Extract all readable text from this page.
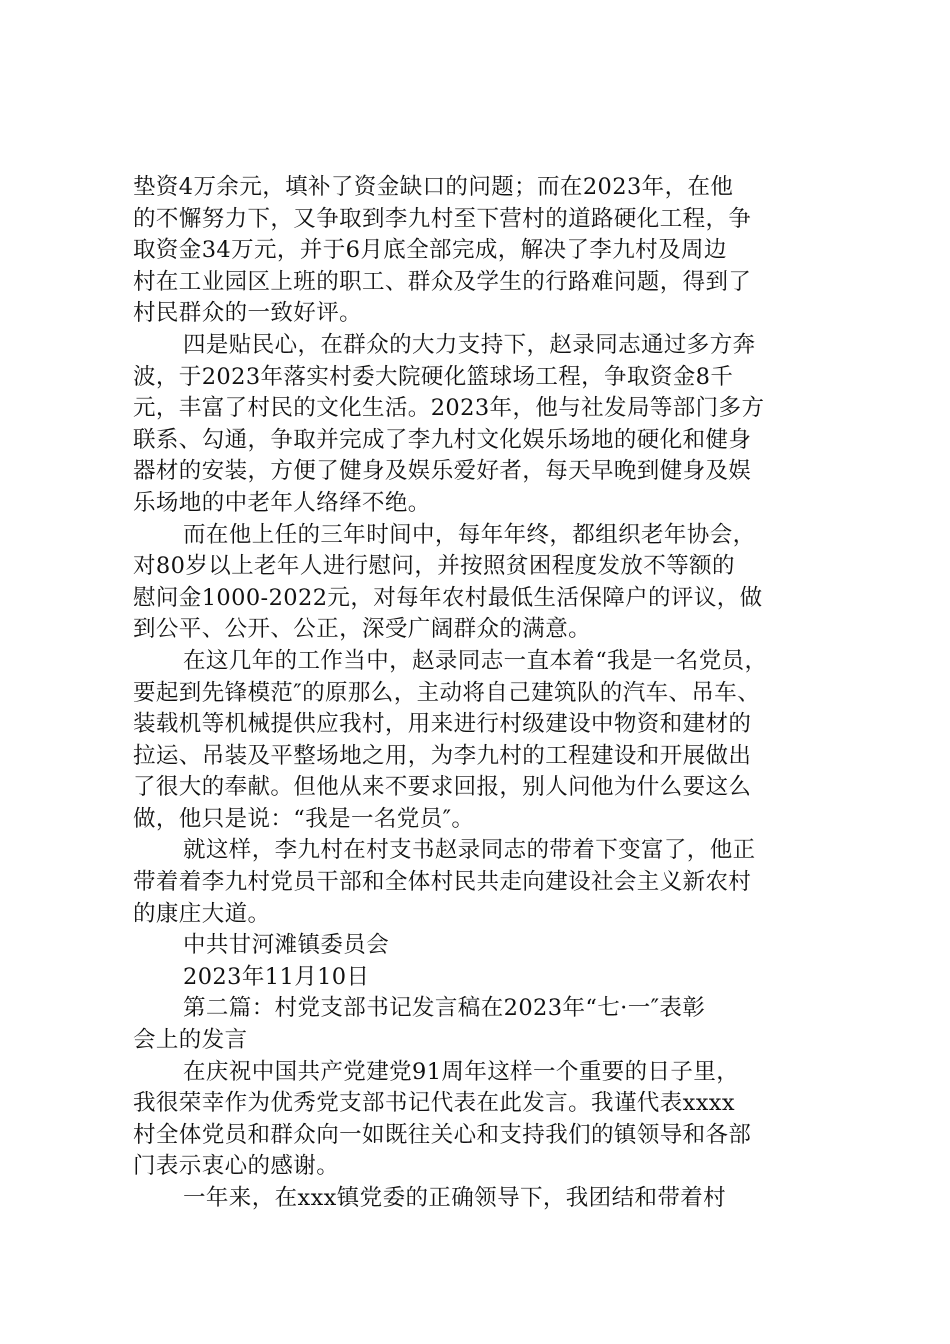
垫资4万余元，填补了资金缺口的问题；而在2023年，在他
的不懈努力下，又争取到李九村至下营村的道路硬化工程，争
取资金34万元，并于6月底全部完成，解决了李九村及周边
村在工业园区上班的职工、群众及学生的行路难问题，得到了
村民群众的一致好评。
四是贴民心，在群众的大力支持下，赵录同志通过多方奔
波，于2023年落实村委大院硬化篮球场工程，争取资金8千
元，丰富了村民的文化生活。2023年，他与社发局等部门多方
联系、勾通，争取并完成了李九村文化娱乐场地的硬化和健身
器材的安装，方便了健身及娱乐爱好者，每天早晚到健身及娱
乐场地的中老年人络绎不绝。
而在他上任的三年时间中，每年年终，都组织老年协会，
对80岁以上老年人进行慰问，并按照贫困程度发放不等额的
慰问金1000-2022元，对每年农村最低生活保障户的评议，做
到公平、公开、公正，深受广阔群众的满意。
在这几年的工作当中，赵录同志一直本着“我是一名党员，
要起到先锋模范″的原那么，主动将自己建筑队的汽车、吊车、
装载机等机械提供应我村，用来进行村级建设中物资和建材的
拉运、吊装及平整场地之用，为李九村的工程建设和开展做出
了很大的奉献。但他从来不要求回报，别人问他为什么要这么
做，他只是说：“我是一名党员″。
就这样，李九村在村支书赵录同志的带着下变富了，他正
带着着李九村党员干部和全体村民共走向建设社会主义新农村
的康庄大道。
中共甘河滩镇委员会
2023年11月10日
第二篇：村党支部书记发言稿在2023年“七·一″表彰
会上的发言
在庆祝中国共产党建党91周年这样一个重要的日子里，
我很荣幸作为优秀党支部书记代表在此发言。我谨代表xxxx
村全体党员和群众向一如既往关心和支持我们的镇领导和各部
门表示衷心的感谢。
一年来，在xxx镇党委的正确领导下，我团结和带着村
